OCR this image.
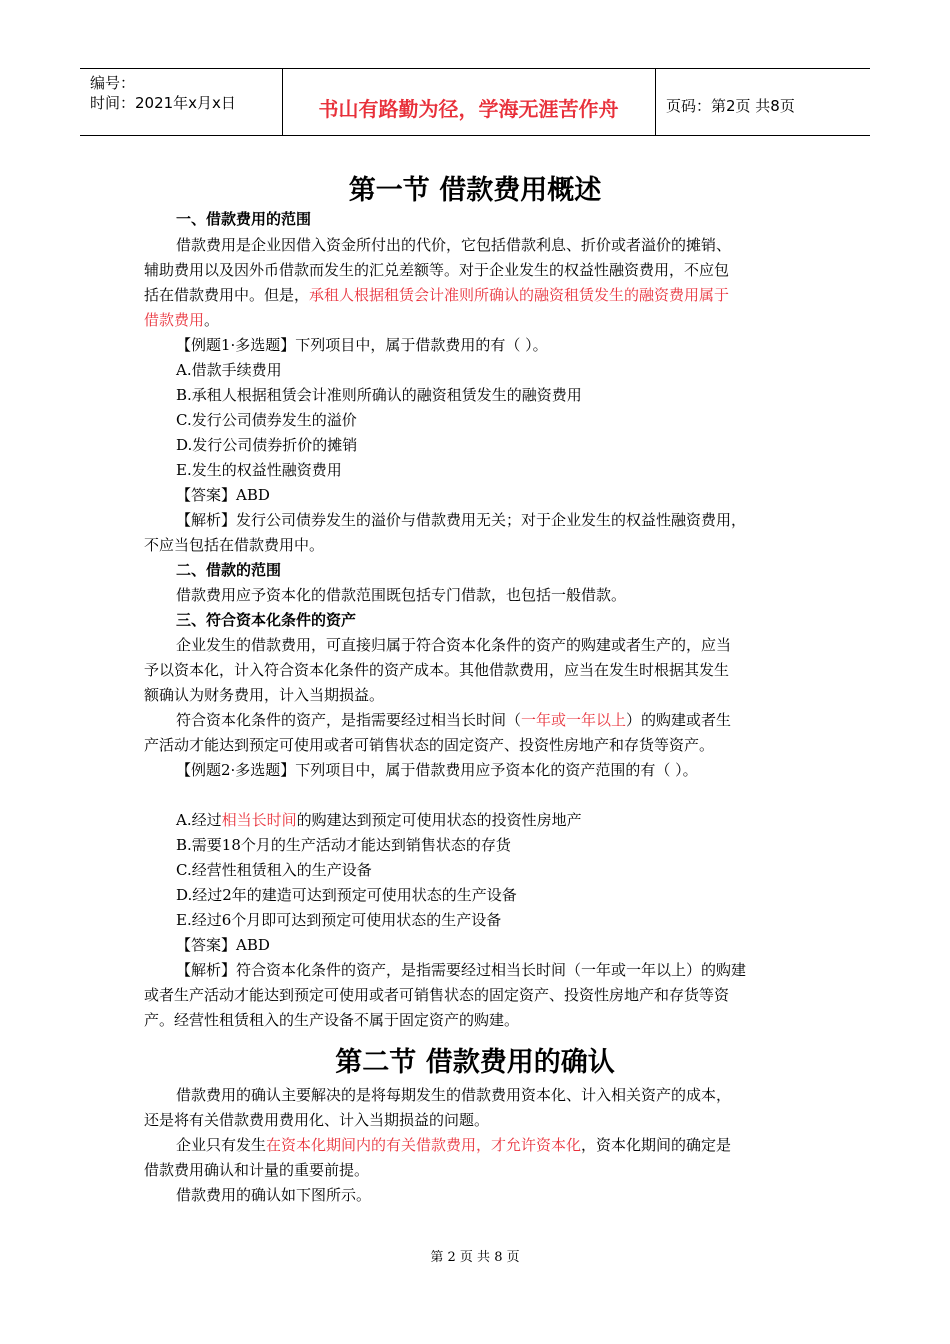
编号：
时间：2021年x月x日	书山有路勤为径，学海无涯苦作舟	页码：第2页 共8页
第一节 借款费用概述
一、借款费用的范围
借款费用是企业因借入资金所付出的代价，它包括借款利息、折价或者溢价的摊销、
辅助费用以及因外币借款而发生的汇兑差额等。对于企业发生的权益性融资费用，不应包
括在借款费用中。但是，承租人根据租赁会计准则所确认的融资租赁发生的融资费用属于
借款费用。
【例题1·多选题】下列项目中，属于借款费用的有（ ）。
A.借款手续费用
B.承租人根据租赁会计准则所确认的融资租赁发生的融资费用
C.发行公司债券发生的溢价
D.发行公司债券折价的摊销
E.发生的权益性融资费用
【答案】ABD
【解析】发行公司债券发生的溢价与借款费用无关；对于企业发生的权益性融资费用，
不应当包括在借款费用中。
二、借款的范围
借款费用应予资本化的借款范围既包括专门借款，也包括一般借款。
三、符合资本化条件的资产
企业发生的借款费用，可直接归属于符合资本化条件的资产的购建或者生产的，应当
予以资本化，计入符合资本化条件的资产成本。其他借款费用，应当在发生时根据其发生
额确认为财务费用，计入当期损益。
符合资本化条件的资产，是指需要经过相当长时间（一年或一年以上）的购建或者生
产活动才能达到预定可使用或者可销售状态的固定资产、投资性房地产和存货等资产。
【例题2·多选题】下列项目中，属于借款费用应予资本化的资产范围的有（ ）。
A.经过相当长时间的购建达到预定可使用状态的投资性房地产
B.需要18个月的生产活动才能达到销售状态的存货
C.经营性租赁租入的生产设备
D.经过2年的建造可达到预定可使用状态的生产设备
E.经过6个月即可达到预定可使用状态的生产设备
【答案】ABD
【解析】符合资本化条件的资产，是指需要经过相当长时间（一年或一年以上）的购建
或者生产活动才能达到预定可使用或者可销售状态的固定资产、投资性房地产和存货等资
产。经营性租赁租入的生产设备不属于固定资产的购建。
第二节 借款费用的确认
借款费用的确认主要解决的是将每期发生的借款费用资本化、计入相关资产的成本，
还是将有关借款费用费用化、计入当期损益的问题。
企业只有发生在资本化期间内的有关借款费用，才允许资本化，资本化期间的确定是
借款费用确认和计量的重要前提。
借款费用的确认如下图所示。
第 2 页 共 8 页
